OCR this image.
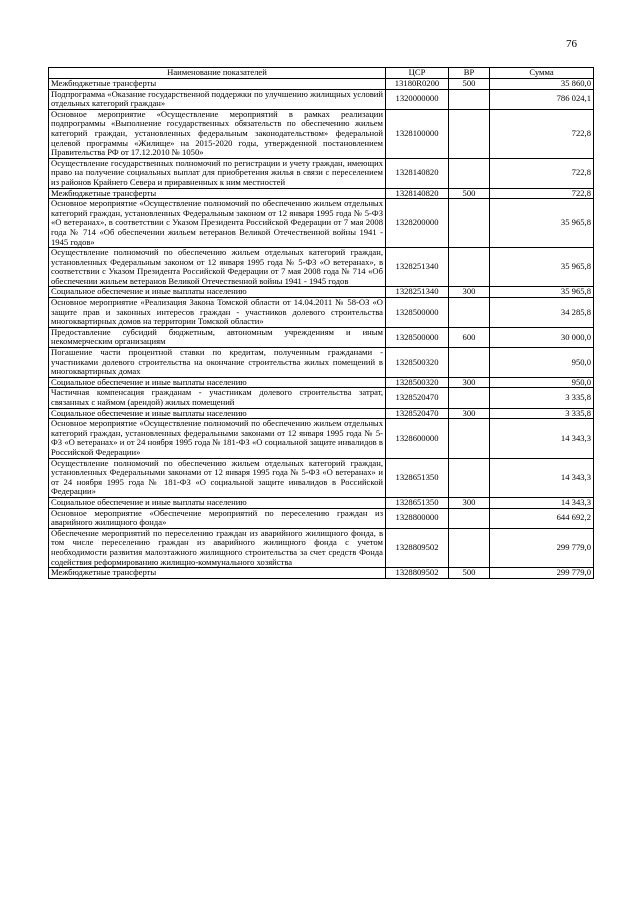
76
Наименование показателей	ЦСР	ВР	Сумма
Межбюджетные трансферты	13180R0200	500	35 860,0
Подпрограмма «Оказание государственной поддержки по улучшению жилищных условий отдельных категорий граждан»	1320000000		786 024,1
Основное мероприятие «Осуществление мероприятий в рамках реализации подпрограммы «Выполнение государственных обязательств по обеспечению жильем категорий граждан, установленных федеральным законодательством» федеральной целевой программы «Жилище» на 2015-2020 годы, утвержденной постановлением Правительства РФ от 17.12.2010 № 1050»	1328100000		722,8
Осуществление государственных полномочий по регистрации и учету граждан, имеющих право на получение социальных выплат для приобретения жилья в связи с переселением из районов Крайнего Севера и приравненных к ним местностей	1328140820		722,8
Межбюджетные трансферты	1328140820	500	722,8
Основное мероприятие «Осуществление полномочий по обеспечению жильем отдельных категорий граждан, установленных Федеральным законом от 12 января 1995 года № 5-ФЗ «О ветеранах», в соответствии с Указом Президента Российской Федерации от 7 мая 2008 года № 714 «Об обеспечении жильем ветеранов Великой Отечественной войны 1941 - 1945 годов»	1328200000		35 965,8
Осуществление полномочий по обеспечению жильем отдельных категорий граждан, установленных Федеральным законом от 12 января 1995 года № 5-ФЗ «О ветеранах», в соответствии с Указом Президента Российской Федерации от 7 мая 2008 года № 714 «Об обеспечении жильем ветеранов Великой Отечественной войны 1941 - 1945 годов	1328251340		35 965,8
Социальное обеспечение и иные выплаты населению	1328251340	300	35 965,8
Основное мероприятие «Реализация Закона Томской области от 14.04.2011 № 58-ОЗ «О защите прав и законных интересов граждан - участников долевого строительства многоквартирных домов на территории Томской области»	1328500000		34 285,8
Предоставление субсидий бюджетным, автономным учреждениям и иным некоммерческим организациям	1328500000	600	30 000,0
Погашение части процентной ставки по кредитам, полученным гражданами - участниками долевого строительства на окончание строительства жилых помещений в многоквартирных домах	1328500320		950,0
Социальное обеспечение и иные выплаты населению	1328500320	300	950,0
Частичная компенсация гражданам - участникам долевого строительства затрат, связанных с наймом (арендой) жилых помещений	1328520470		3 335,8
Социальное обеспечение и иные выплаты населению	1328520470	300	3 335,8
Основное мероприятие «Осуществление полномочий по обеспечению жильем отдельных категорий граждан, установленных федеральными законами от 12 января 1995 года № 5-ФЗ «О ветеранах» и от 24 ноября 1995 года № 181-ФЗ «О социальной защите инвалидов в Российской Федерации»	1328600000		14 343,3
Осуществление полномочий по обеспечению жильем отдельных категорий граждан, установленных Федеральными законами от 12 января 1995 года № 5-ФЗ «О ветеранах» и от 24 ноября 1995 года № 181-ФЗ «О социальной защите инвалидов в Российской Федерации»	1328651350		14 343,3
Социальное обеспечение и иные выплаты населению	1328651350	300	14 343,3
Основное мероприятие «Обеспечение мероприятий по переселению граждан из аварийного жилищного фонда»	1328800000		644 692,2
Обеспечение мероприятий по переселению граждан из аварийного жилищного фонда, в том числе переселению граждан из аварийного жилищного фонда с учетом необходимости развития малоэтажного жилищного строительства за счет средств Фонда содействия реформированию жилищно-коммунального хозяйства	1328809502		299 779,0
Межбюджетные трансферты	1328809502	500	299 779,0
